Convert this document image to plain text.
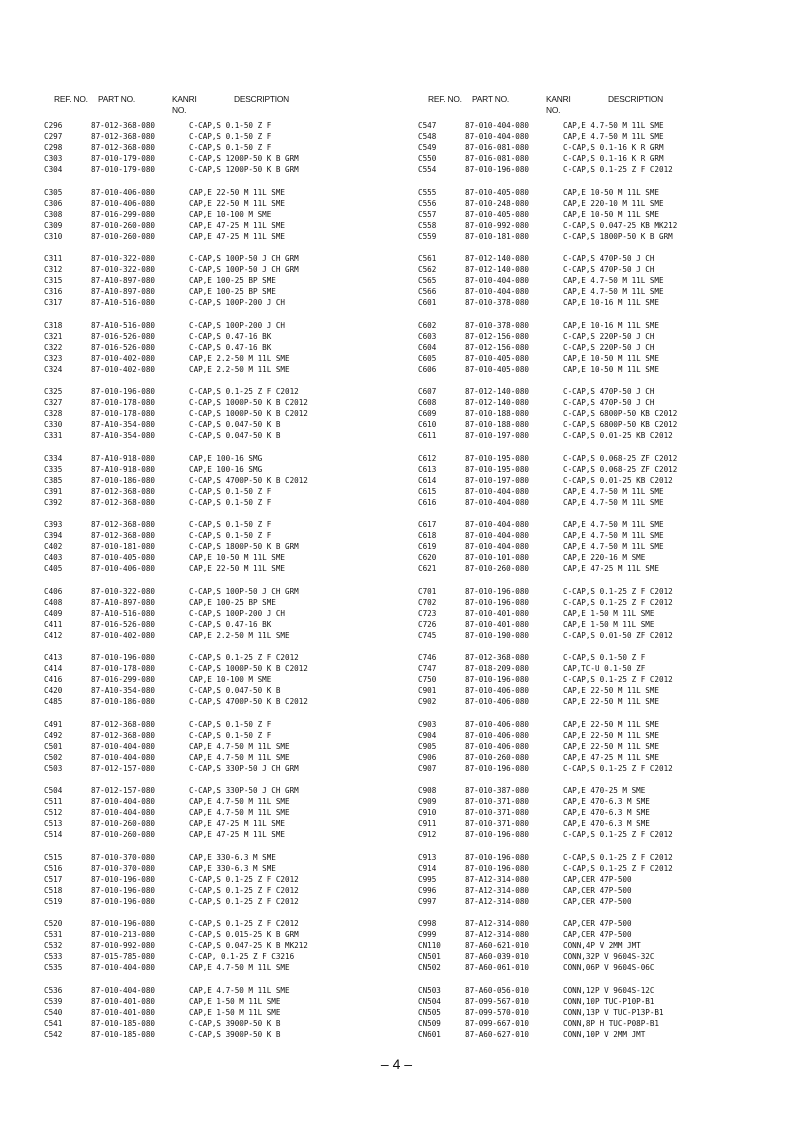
REF. NO. PART NO.	KANRI
NO.
DESCRIPTION
C296	87-012-368-080	C-CAP,S 0.1-50 Z F
C297	87-012-368-080	C-CAP,S 0.1-50 Z F
C298	87-012-368-080	C-CAP,S 0.1-50 Z F
C303	87-010-179-080	C-CAP,S 1200P-50 K B GRM
C304	87-010-179-080	C-CAP,S 1200P-50 K B GRM
C305	87-010-406-080	CAP,E 22-50 M 11L SME
C306	87-010-406-080	CAP,E 22-50 M 11L SME
C308	87-016-299-080	CAP,E 10-100 M SME
C309	87-010-260-080	CAP,E 47-25 M 11L SME
C310	87-010-260-080	CAP,E 47-25 M 11L SME
C311	87-010-322-080	C-CAP,S 100P-50 J CH GRM
C312	87-010-322-080	C-CAP,S 100P-50 J CH GRM
C315	87-A10-897-080	CAP,E 100-25 BP SME
C316	87-A10-897-080	CAP,E 100-25 BP SME
C317	87-A10-516-080	C-CAP,S 100P-200 J CH
C318	87-A10-516-080	C-CAP,S 100P-200 J CH
C321	87-016-526-080	C-CAP,S 0.47-16 BK
C322	87-016-526-080	C-CAP,S 0.47-16 BK
C323	87-010-402-080	CAP,E 2.2-50 M 11L SME
C324	87-010-402-080	CAP,E 2.2-50 M 11L SME
C325	87-010-196-080	C-CAP,S 0.1-25 Z F C2012
C327	87-010-178-080	C-CAP,S 1000P-50 K B C2012
C328	87-010-178-080	C-CAP,S 1000P-50 K B C2012
C330	87-A10-354-080	C-CAP,S 0.047-50 K B
C331	87-A10-354-080	C-CAP,S 0.047-50 K B
C334	87-A10-918-080	CAP,E 100-16 SMG
C335	87-A10-918-080	CAP,E 100-16 SMG
C385	87-010-186-080	C-CAP,S 4700P-50 K B C2012
C391	87-012-368-080	C-CAP,S 0.1-50 Z F
C392	87-012-368-080	C-CAP,S 0.1-50 Z F
C393	87-012-368-080	C-CAP,S 0.1-50 Z F
C394	87-012-368-080	C-CAP,S 0.1-50 Z F
C402	87-010-181-080	C-CAP,S 1800P-50 K B GRM
C403	87-010-405-080	CAP,E 10-50 M 11L SME
C405	87-010-406-080	CAP,E 22-50 M 11L SME
C406	87-010-322-080	C-CAP,S 100P-50 J CH GRM
C408	87-A10-897-080	CAP,E 100-25 BP SME
C409	87-A10-516-080	C-CAP,S 100P-200 J CH
C411	87-016-526-080	C-CAP,S 0.47-16 BK
C412	87-010-402-080	CAP,E 2.2-50 M 11L SME
C413	87-010-196-080	C-CAP,S 0.1-25 Z F C2012
C414	87-010-178-080	C-CAP,S 1000P-50 K B C2012
C416	87-016-299-080	CAP,E 10-100 M SME
C420	87-A10-354-080	C-CAP,S 0.047-50 K B
C485	87-010-186-080	C-CAP,S 4700P-50 K B C2012
C491	87-012-368-080	C-CAP,S 0.1-50 Z F
C492	87-012-368-080	C-CAP,S 0.1-50 Z F
C501	87-010-404-080	CAP,E 4.7-50 M 11L SME
C502	87-010-404-080	CAP,E 4.7-50 M 11L SME
C503	87-012-157-080	C-CAP,S 330P-50 J CH GRM
C504	87-012-157-080	C-CAP,S 330P-50 J CH GRM
C511	87-010-404-080	CAP,E 4.7-50 M 11L SME
C512	87-010-404-080	CAP,E 4.7-50 M 11L SME
C513	87-010-260-080	CAP,E 47-25 M 11L SME
C514	87-010-260-080	CAP,E 47-25 M 11L SME
C515	87-010-370-080	CAP,E 330-6.3 M SME
C516	87-010-370-080	CAP,E 330-6.3 M SME
C517	87-010-196-080	C-CAP,S 0.1-25 Z F C2012
C518	87-010-196-080	C-CAP,S 0.1-25 Z F C2012
C519	87-010-196-080	C-CAP,S 0.1-25 Z F C2012
C520	87-010-196-080	C-CAP,S 0.1-25 Z F C2012
C531	87-010-213-080	C-CAP,S 0.015-25 K B GRM
C532	87-010-992-080	C-CAP,S 0.047-25 K B MK212
C533	87-015-785-080	C-CAP, 0.1-25 Z F C3216
C535	87-010-404-080	CAP,E 4.7-50 M 11L SME
C536	87-010-404-080	CAP,E 4.7-50 M 11L SME
C539	87-010-401-080	CAP,E 1-50 M 11L SME
C540	87-010-401-080	CAP,E 1-50 M 11L SME
C541	87-010-185-080	C-CAP,S 3900P-50 K B
C542	87-010-185-080	C-CAP,S 3900P-50 K B
REF. NO. PART NO.	KANRI
NO.
DESCRIPTION
C547	87-010-404-080	CAP,E 4.7-50 M 11L SME
C548	87-010-404-080	CAP,E 4.7-50 M 11L SME
C549	87-016-081-080	C-CAP,S 0.1-16 K R GRM
C550	87-016-081-080	C-CAP,S 0.1-16 K R GRM
C554	87-010-196-080	C-CAP,S 0.1-25 Z F C2012
C555	87-010-405-080	CAP,E 10-50 M 11L SME
C556	87-010-248-080	CAP,E 220-10 M 11L SME
C557	87-010-405-080	CAP,E 10-50 M 11L SME
C558	87-010-992-080	C-CAP,S 0.047-25 KB MK212
C559	87-010-181-080	C-CAP,S 1800P-50 K B GRM
C561	87-012-140-080	C-CAP,S 470P-50 J CH
C562	87-012-140-080	C-CAP,S 470P-50 J CH
C565	87-010-404-080	CAP,E 4.7-50 M 11L SME
C566	87-010-404-080	CAP,E 4.7-50 M 11L SME
C601	87-010-378-080	CAP,E 10-16 M 11L SME
C602	87-010-378-080	CAP,E 10-16 M 11L SME
C603	87-012-156-080	C-CAP,S 220P-50 J CH
C604	87-012-156-080	C-CAP,S 220P-50 J CH
C605	87-010-405-080	CAP,E 10-50 M 11L SME
C606	87-010-405-080	CAP,E 10-50 M 11L SME
C607	87-012-140-080	C-CAP,S 470P-50 J CH
C608	87-012-140-080	C-CAP,S 470P-50 J CH
C609	87-010-188-080	C-CAP,S 6800P-50 KB C2012
C610	87-010-188-080	C-CAP,S 6800P-50 KB C2012
C611	87-010-197-080	C-CAP,S 0.01-25 KB C2012
C612	87-010-195-080	C-CAP,S 0.068-25 ZF C2012
C613	87-010-195-080	C-CAP,S 0.068-25 ZF C2012
C614	87-010-197-080	C-CAP,S 0.01-25 KB C2012
C615	87-010-404-080	CAP,E 4.7-50 M 11L SME
C616	87-010-404-080	CAP,E 4.7-50 M 11L SME
C617	87-010-404-080	CAP,E 4.7-50 M 11L SME
C618	87-010-404-080	CAP,E 4.7-50 M 11L SME
C619	87-010-404-080	CAP,E 4.7-50 M 11L SME
C620	87-010-101-080	CAP,E 220-16 M SME
C621	87-010-260-080	CAP,E 47-25 M 11L SME
C701	87-010-196-080	C-CAP,S 0.1-25 Z F C2012
C702	87-010-196-080	C-CAP,S 0.1-25 Z F C2012
C723	87-010-401-080	CAP,E 1-50 M 11L SME
C726	87-010-401-080	CAP,E 1-50 M 11L SME
C745	87-010-190-080	C-CAP,S 0.01-50 ZF C2012
C746	87-012-368-080	C-CAP,S 0.1-50 Z F
C747	87-018-209-080	CAP,TC-U 0.1-50 ZF
C750	87-010-196-080	C-CAP,S 0.1-25 Z F C2012
C901	87-010-406-080	CAP,E 22-50 M 11L SME
C902	87-010-406-080	CAP,E 22-50 M 11L SME
C903	87-010-406-080	CAP,E 22-50 M 11L SME
C904	87-010-406-080	CAP,E 22-50 M 11L SME
C905	87-010-406-080	CAP,E 22-50 M 11L SME
C906	87-010-260-080	CAP,E 47-25 M 11L SME
C907	87-010-196-080	C-CAP,S 0.1-25 Z F C2012
C908	87-010-387-080	CAP,E 470-25 M SME
C909	87-010-371-080	CAP,E 470-6.3 M SME
C910	87-010-371-080	CAP,E 470-6.3 M SME
C911	87-010-371-080	CAP,E 470-6.3 M SME
C912	87-010-196-080	C-CAP,S 0.1-25 Z F C2012
C913	87-010-196-080	C-CAP,S 0.1-25 Z F C2012
C914	87-010-196-080	C-CAP,S 0.1-25 Z F C2012
C995	87-A12-314-080	CAP,CER 47P-500
C996	87-A12-314-080	CAP,CER 47P-500
C997	87-A12-314-080	CAP,CER 47P-500
C998	87-A12-314-080	CAP,CER 47P-500
C999	87-A12-314-080	CAP,CER 47P-500
CN110	87-A60-621-010	CONN,4P V 2MM JMT
CN501	87-A60-039-010	CONN,32P V 9604S-32C
CN502	87-A60-061-010	CONN,06P V 9604S-06C
CN503	87-A60-056-010	CONN,12P V 9604S-12C
CN504	87-099-567-010	CONN,10P TUC-P10P-B1
CN505	87-099-570-010	CONN,13P V TUC-P13P-B1
CN509	87-099-667-010	CONN,8P H TUC-P08P-B1
CN601	87-A60-627-010	CONN,10P V 2MM JMT
– 4 –
